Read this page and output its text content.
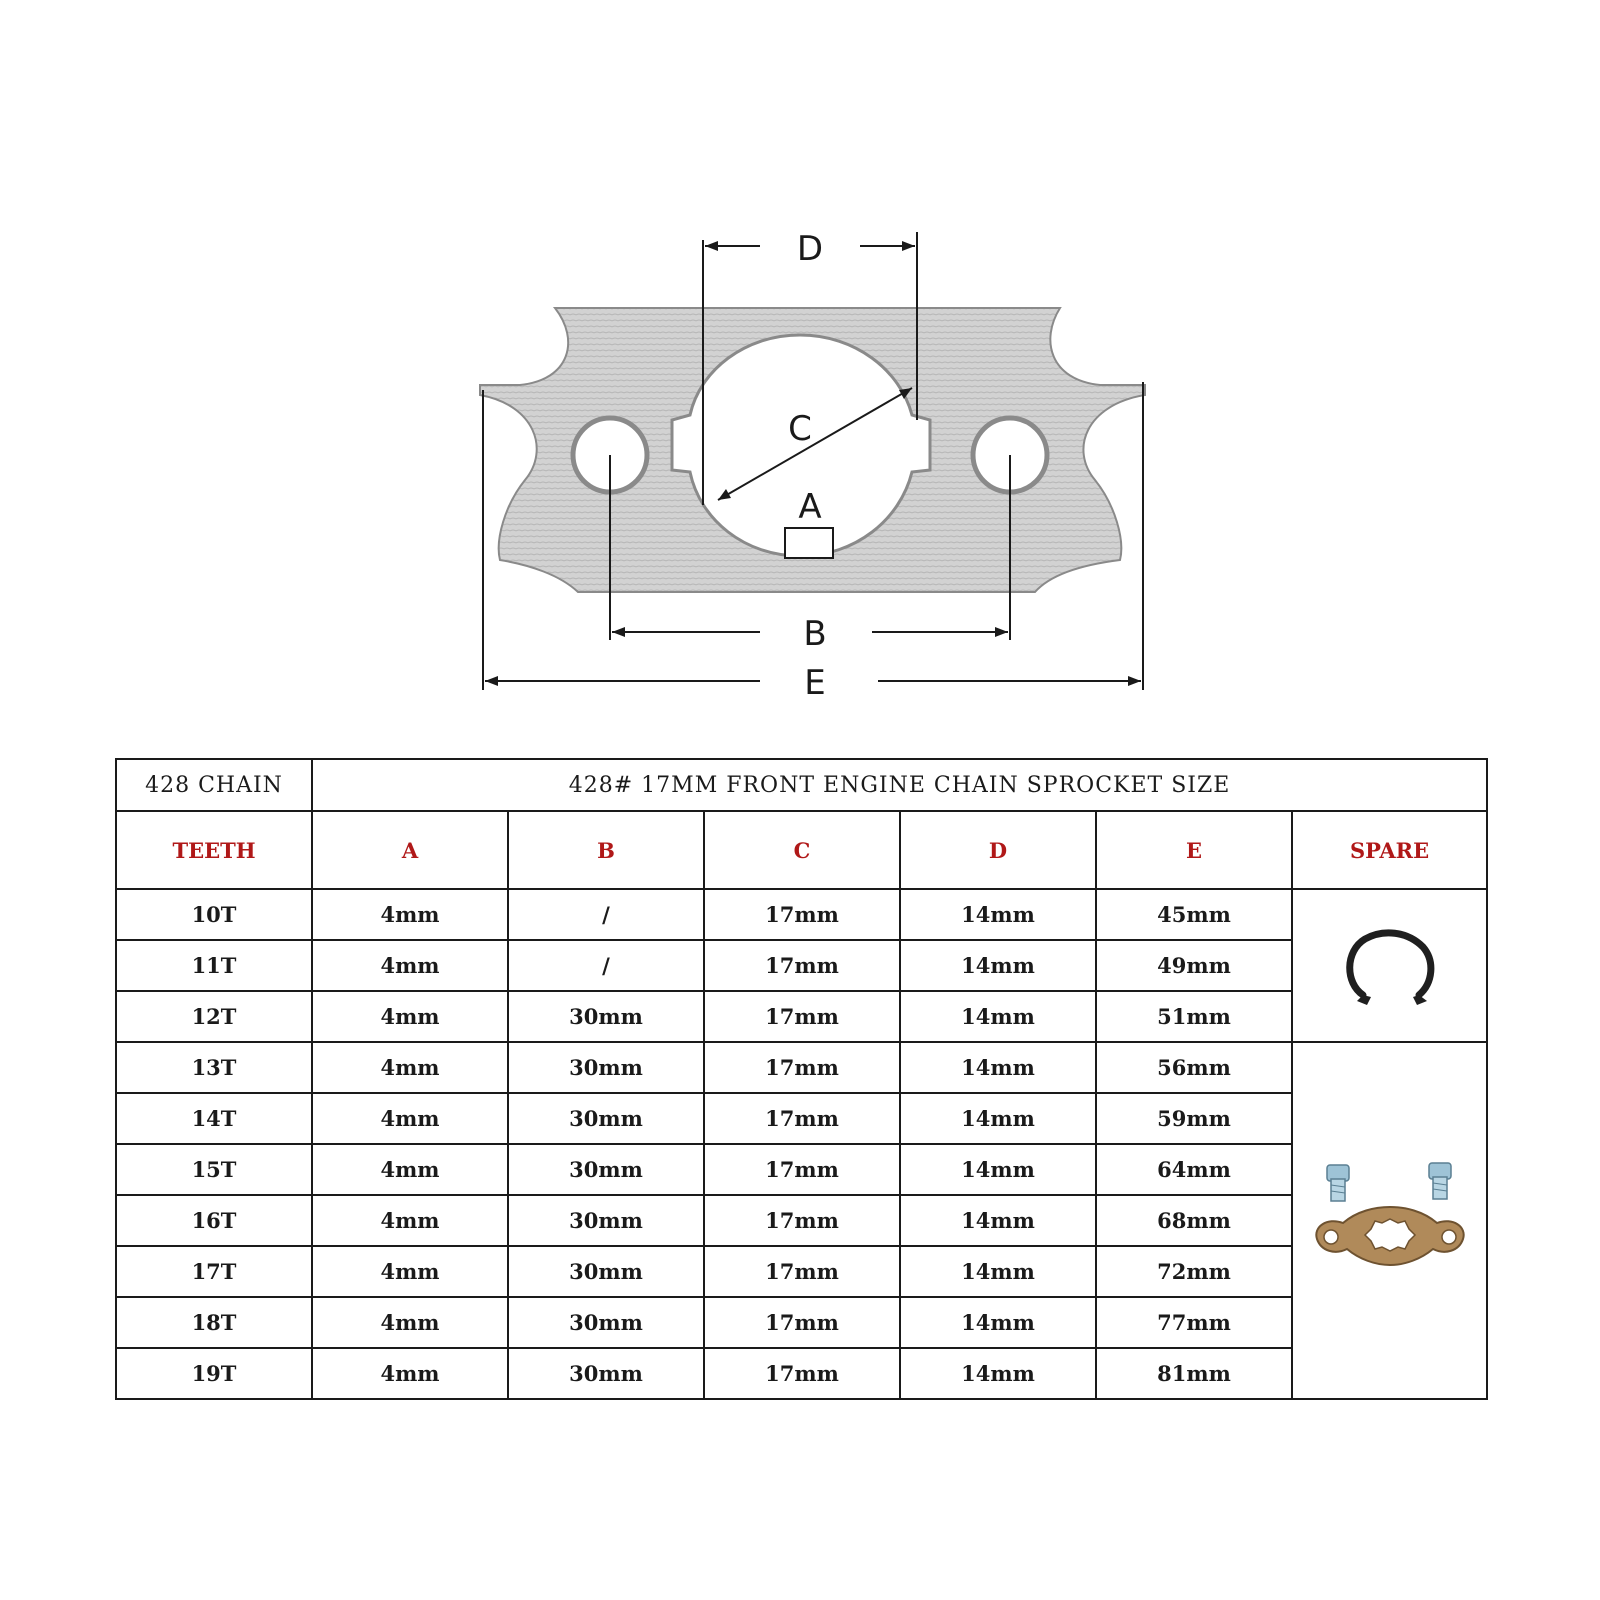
D
C
A
B
E
428 CHAIN	428# 17MM FRONT ENGINE CHAIN SPROCKET SIZE					
TEETH	A	B	C	D	E	SPARE
10T	4mm	/	17mm	14mm	45mm	

11T	4mm	/	17mm	14mm	49mm	
12T	4mm	30mm	17mm	14mm	51mm	
13T	4mm	30mm	17mm	14mm	56mm	

14T	4mm	30mm	17mm	14mm	59mm	
15T	4mm	30mm	17mm	14mm	64mm	
16T	4mm	30mm	17mm	14mm	68mm	
17T	4mm	30mm	17mm	14mm	72mm	
18T	4mm	30mm	17mm	14mm	77mm	
19T	4mm	30mm	17mm	14mm	81mm	
